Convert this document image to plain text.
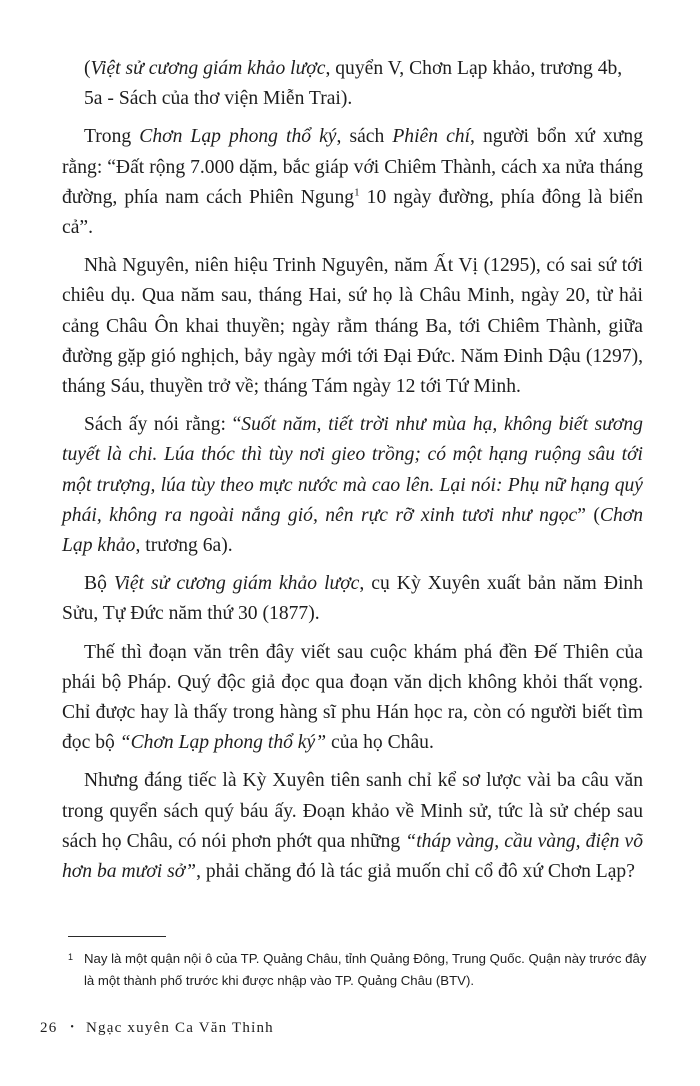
(Việt sử cương giám khảo lược, quyển V, Chơn Lạp khảo, trương 4b, 5a - Sách của thơ viện Miễn Trai).

Trong Chơn Lạp phong thổ ký, sách Phiên chí, người bổn xứ xưng rằng: “Đất rộng 7.000 dặm, bắc giáp với Chiêm Thành, cách xa nửa tháng đường, phía nam cách Phiên Ngung$^1$ 10 ngày đường, phía đông là biển cả”.

Nhà Nguyên, niên hiệu Trinh Nguyên, năm Ất Vị (1295), có sai sứ tới chiêu dụ. Qua năm sau, tháng Hai, sứ họ là Châu Minh, ngày 20, từ hải cảng Châu Ôn khai thuyền; ngày rằm tháng Ba, tới Chiêm Thành, giữa đường gặp gió nghịch, bảy ngày mới tới Đại Đức. Năm Đinh Dậu (1297), tháng Sáu, thuyền trở về; tháng Tám ngày 12 tới Tứ Minh.

Sách ấy nói rằng: “Suốt năm, tiết trời như mùa hạ, không biết sương tuyết là chi. Lúa thóc thì tùy nơi gieo trồng; có một hạng ruộng sâu tới một trượng, lúa tùy theo mực nước mà cao lên. Lại nói: Phụ nữ hạng quý phái, không ra ngoài nắng gió, nên rực rỡ xinh tươi như ngọc” (Chơn Lạp khảo, trương 6a).

Bộ Việt sử cương giám khảo lược, cụ Kỳ Xuyên xuất bản năm Đinh Sửu, Tự Đức năm thứ 30 (1877).

Thế thì đoạn văn trên đây viết sau cuộc khám phá đền Đế Thiên của phái bộ Pháp. Quý độc giả đọc qua đoạn văn dịch không khỏi thất vọng. Chỉ được hay là thấy trong hàng sĩ phu Hán học ra, còn có người biết tìm đọc bộ “Chơn Lạp phong thổ ký” của họ Châu.

Nhưng đáng tiếc là Kỳ Xuyên tiên sanh chỉ kể sơ lược vài ba câu văn trong quyển sách quý báu ấy. Đoạn khảo về Minh sử, tức là sử chép sau sách họ Châu, có nói phơn phớt qua những “tháp vàng, cầu vàng, điện võ hơn ba mươi sở”, phải chăng đó là tác giả muốn chỉ cổ đô xứ Chơn Lạp?

1 Nay là một quận nội ô của TP. Quảng Châu, tỉnh Quảng Đông, Trung Quốc. Quận này trước đây là một thành phố trước khi được nhập vào TP. Quảng Châu (BTV).
26 • Ngạc xuyên Ca Văn Thỉnh
